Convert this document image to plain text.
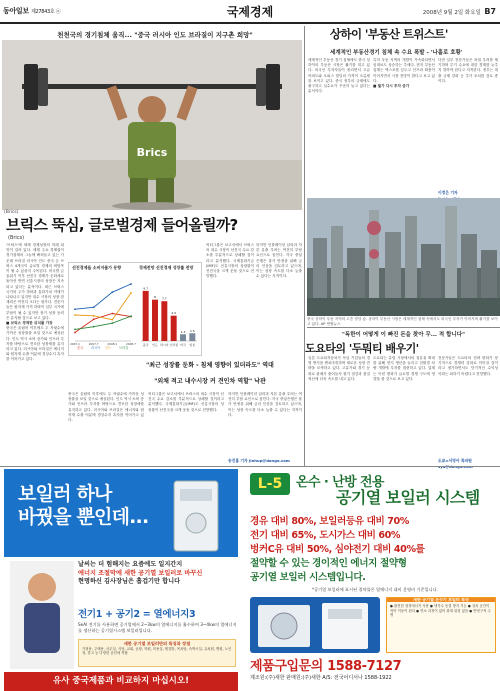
동아일보 제27843호 ⓐ	국제경제	2008년 9월 2일 화요일 B7
천천국의 경기침체 움직... "중국 러시아 인도 브라질이 지구촌 희망"
Brics
(Brics)
브릭스 뚝심, 글로벌경제 들어올릴까?
(Brics)
'브릭스'에 세계 경제성장의 미래 희망이 걸려 있다. 세계 주요 경제권이 경기침체의 그늘에 빠져들고 있는 가운데 브라질 러시아 인도 중국 등 브릭스 4개국이 글로벌 경제의 버팀목이 될 수 있을지 주목된다. 미국발 금융위기 이후 선진국 경제가 둔화세로 돌아선 반면 신흥시장의 성장은 지속되고 있다는 분석이다. 최근 브릭스 국가의 주가 하락과 통화가치 약세가 나타나고 있지만 내수 시장의 성장 잠재력은 여전히 크다는 평가다. 전문가들은 원자재 가격 하락이 일부 국가에 부담이 될 수 있지만 장기 성장 동력은 유지될 것으로 보고 있다.
■ 브릭스 경제한 위치를 가장
중국은 올림픽 이후에도 두 자릿수에 가까운 성장률을 보일 것으로 예상된다. 인도 역시 소비 증가와 인프라 투자를 바탕으로 견조한 성장세를 유지하고 있다. 러시아와 브라질은 에너지와 원자재 수출 덕분에 경상수지 흑자를 이어가고 있다.
선진경제들 소비자물가 동향	경제전망 선진경제 성장률 전망
중국 러시아 인도 브라질
2007.1	2007.7	2008.1	2008.7
9.7
중국
8
인도
7.7
러시아
4.9
브라질
1.3
미국
1.5
일본
씨티그룹은 보고서에서 브릭스의 내수 시장이 선진국 수요 감소를 부분적으로 상쇄할 것이라고 분석했다. 국제통화기금(IMF)도 신흥시장의 성장률이 선진국을 크게 웃돌 것으로 전망했다.
하지만 인플레이션 압력과 자본 유출 우려는 여전히 부담 요인으로 꼽힌다. 각국 중앙은행은 물가 안정을 위해 금리 인상을 검토하고 있으며, 이는 성장 속도를 다소 늦출 수 있다는 지적이다.
"최근 성장률 둔화 - 침체 영향이 있더라도" 역대
"외채 적고 내수시장 커 견인차 역할" 낙관
중국은 올림픽 이후에도 두 자릿수에 가까운 성장률을 보일 것으로 예상된다. 인도 역시 소비 증가와 인프라 투자를 바탕으로 견조한 성장세를 유지하고 있다. 러시아와 브라질은 에너지와 원자재 수출 덕분에 경상수지 흑자를 이어가고 있다.
씨티그룹은 보고서에서 브릭스의 내수 시장이 선진국 수요 감소를 부분적으로 상쇄할 것이라고 분석했다. 국제통화기금(IMF)도 신흥시장의 성장률이 선진국을 크게 웃돌 것으로 전망했다.
하지만 인플레이션 압력과 자본 유출 우려는 여전히 부담 요인으로 꼽힌다. 각국 중앙은행은 물가 안정을 위해 금리 인상을 검토하고 있으며, 이는 성장 속도를 다소 늦출 수 있다는 지적이다.
송진흡 기자 jinhup@donga.com
상하이 '부동산 트위스트'
세계적인 부동산경기 침체 속 수요 폭발 - '나홀로 호황'
세계적인 부동산 경기 침체에도 중국 상하이의 부동산 시장은 활기를 띠고 있다. 외국인 투자자들이 몰리면서 고급 아파트와 오피스 빌딩의 가격이 오름세를 보이고 있다. 중국 정부의 규제에도 불구하고 실수요가 꾸준히 늘고 있다는 분석이다.
특히 푸둥 지역의 개발이 가속화되면서 임대료도 상승하는 추세다. 현지 부동산 업계는 엑스포를 앞두고 인프라 확충이 이어지면서 시장 전망이 밝다고 보고 있다.
■ 월가 다시 투자 증가
다만 일부 전문가들은 과열 우려를 제기하며 투기 수요에 대한 경계를 늦추지 말아야 한다고 지적한다. 정부는 대출 규제 강화 등 추가 조치를 검토 중이다.
이정은 기자
중국 상하이 푸둥 지역의 고층 빌딩 숲. 상하이 부동산 시장은 세계적인 침체 속에서도 외국인 투자가 이어지며 활기를 보이고 있다. AP 연합뉴스
"독한이 어떻게 이 빠진 돈을 찾아 무... 적 합니다"
도요타의 '두뭐티 배우기'
일본 도요타자동차가 독일 기업들의 경영 방식을 벤치마킹하며 새로운 성장 전략을 모색하고 있다. 고유가와 경기 둔화로 판매가 줄어들자 원가 절감과 품질 혁신에 더욱 속도를 내고 있다.
도요타는 유럽 시장에서의 점유율 확대를 위해 현지 생산을 늘리고 친환경 차량 개발에 투자를 집중하고 있다. 업계는 이런 변화가 글로벌 경쟁 구도에 영향을 줄 것으로 보고 있다.
전문가들은 도요타의 전략 변화가 장기적으로 경쟁력 강화로 이어질 것이라고 평가하면서도 단기적인 수익성 악화는 피하기 어렵다고 전망했다.
도쿄=서영아 특파원
보일러 하나
바꿨을 뿐인데...
날씨는 더 험해지는 요즘에도 일지간지
에너지 조절막에 새한 공기열 보일러로 바꾸신
현명하신 김사장님은 흡겁기만 합니다
전기1 + 공기2 = 열에너지3
SeAl 전기를 사용하면 공기열에서 2~3kw의 열에너지를 흡수하여 3~4kw의 열에너지를 생산하는 공기열시스템 보일러입니다.
새한 공기열 보일러만의 특징과 장점
가정용, 주택용, 사무실, 식당, 교회, 공장, 학원, 미용실, 찜질방, 목욕탕, 숙박시설, 유치원, 병원, 노인정, 창고 등 다양한 공간에 적합
유사 중국제품과 비교하지 마십시오!
L-5	온수 · 난방 전용
공기열 보일러 시스템
경유 대비 80%, 보일러등유 대비 70%
전기 대비 65%, 도시가스 대비 60%
벙커C유 대비 50%, 심야전기 대비 40%를
절약할 수 있는 경이적인 에너지 절약형
공기열 보일러 시스템입니다.
*공기열 보일러에 표시된 절약률은 열에너지 대비 운영비 기준입니다.
새한 공기열 온수기 보일러 특징
● 완전한 청정에너지 사용 ● 냉각수 동결 방지 기능 ● 설치 공간이 작아 이동이 편리 ● 연소 과정이 없어 화재 위험 없음 ● 반영구적 수명
제품구입문의 1588-7127
제조원:(주)새한 판매원:(주)새한 A/S: 전국어디서나 1588-1922
